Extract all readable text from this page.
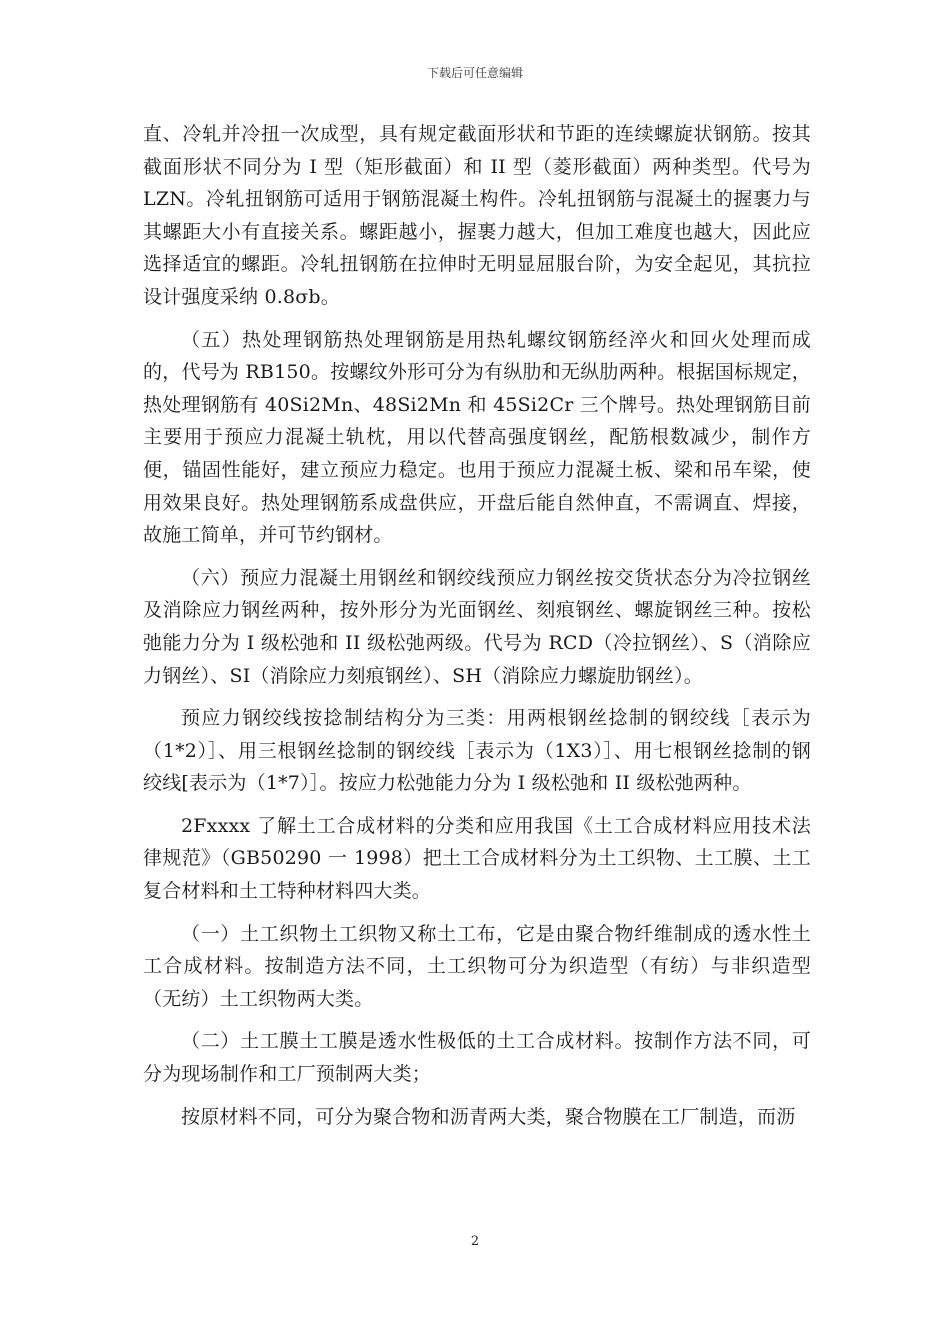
下载后可任意编辑

直、冷轧并冷扭一次成型，具有规定截面形状和节距的连续螺旋状钢筋。按其截面形状不同分为 I 型（矩形截面）和 II 型（菱形截面）两种类型。代号为LZN。冷轧扭钢筋可适用于钢筋混凝土构件。冷轧扭钢筋与混凝土的握裹力与其螺距大小有直接关系。螺距越小，握裹力越大，但加工难度也越大，因此应选择适宜的螺距。冷轧扭钢筋在拉伸时无明显屈服台阶，为安全起见，其抗拉设计强度采纳 0.8σb。

（五）热处理钢筋热处理钢筋是用热轧螺纹钢筋经淬火和回火处理而成的，代号为 RB150。按螺纹外形可分为有纵肋和无纵肋两种。根据国标规定，热处理钢筋有 40Si2Mn、48Si2Mn 和 45Si2Cr 三个牌号。热处理钢筋目前主要用于预应力混凝土轨枕，用以代替高强度钢丝，配筋根数减少，制作方便，锚固性能好，建立预应力稳定。也用于预应力混凝土板、梁和吊车梁，使用效果良好。热处理钢筋系成盘供应，开盘后能自然伸直，不需调直、焊接，故施工简单，并可节约钢材。

（六）预应力混凝土用钢丝和钢绞线预应力钢丝按交货状态分为冷拉钢丝及消除应力钢丝两种，按外形分为光面钢丝、刻痕钢丝、螺旋钢丝三种。按松弛能力分为 I 级松弛和 II 级松弛两级。代号为 RCD（冷拉钢丝）、S（消除应力钢丝）、SI（消除应力刻痕钢丝）、SH（消除应力螺旋肋钢丝）。

预应力钢绞线按捻制结构分为三类：用两根钢丝捻制的钢绞线［表示为（1*2）］、用三根钢丝捻制的钢绞线［表示为（1X3）］、用七根钢丝捻制的钢绞线[表示为（1*7）］。按应力松弛能力分为 I 级松弛和 II 级松弛两种。

2Fxxxx 了解土工合成材料的分类和应用我国《土工合成材料应用技术法律规范》（GB50290 一 1998）把土工合成材料分为土工织物、土工膜、土工复合材料和土工特种材料四大类。

（一）土工织物土工织物又称土工布，它是由聚合物纤维制成的透水性土工合成材料。按制造方法不同，土工织物可分为织造型（有纺）与非织造型（无纺）土工织物两大类。

（二）土工膜土工膜是透水性极低的土工合成材料。按制作方法不同，可分为现场制作和工厂预制两大类；

按原材料不同，可分为聚合物和沥青两大类，聚合物膜在工厂制造，而沥

2
